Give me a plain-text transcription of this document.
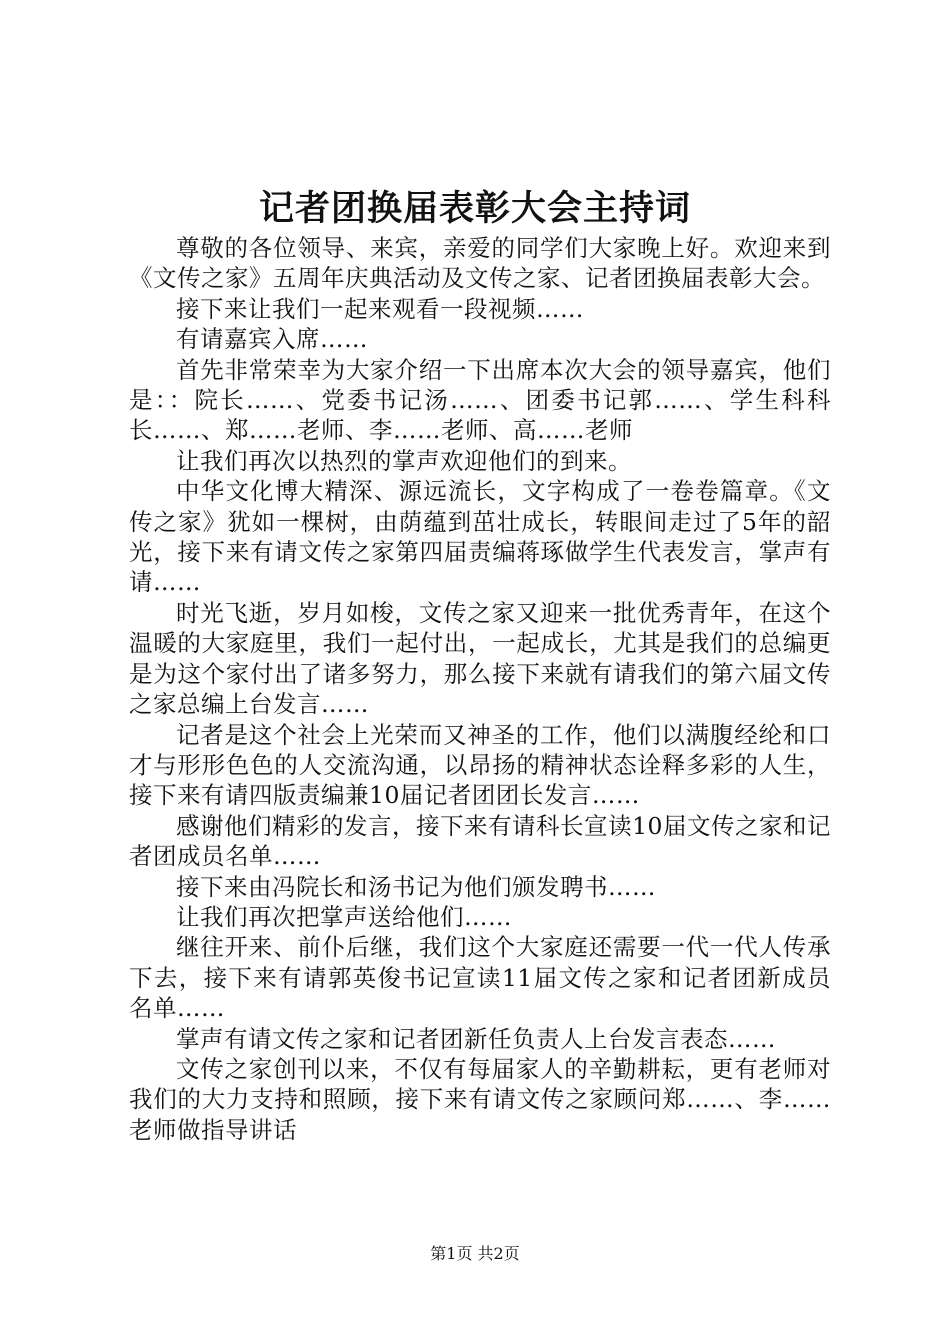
记者团换届表彰大会主持词

尊敬的各位领导、来宾，亲爱的同学们大家晚上好。欢迎来到《文传之家》五周年庆典活动及文传之家、记者团换届表彰大会。

接下来让我们一起来观看一段视频……

有请嘉宾入席……

首先非常荣幸为大家介绍一下出席本次大会的领导嘉宾，他们是：：院长……、党委书记汤……、团委书记郭……、学生科科长……、郑……老师、李……老师、高……老师

让我们再次以热烈的掌声欢迎他们的到来。

中华文化博大精深、源远流长，文字构成了一卷卷篇章。《文传之家》犹如一棵树，由荫蕴到茁壮成长，转眼间走过了5年的韶光，接下来有请文传之家第四届责编蒋琢做学生代表发言，掌声有请……

时光飞逝，岁月如梭，文传之家又迎来一批优秀青年，在这个温暖的大家庭里，我们一起付出，一起成长，尤其是我们的总编更是为这个家付出了诸多努力，那么接下来就有请我们的第六届文传之家总编上台发言……

记者是这个社会上光荣而又神圣的工作，他们以满腹经纶和口才与形形色色的人交流沟通，以昂扬的精神状态诠释多彩的人生，接下来有请四版责编兼10届记者团团长发言……

感谢他们精彩的发言，接下来有请科长宣读10届文传之家和记者团成员名单……

接下来由冯院长和汤书记为他们颁发聘书……

让我们再次把掌声送给他们……

继往开来、前仆后继，我们这个大家庭还需要一代一代人传承下去，接下来有请郭英俊书记宣读11届文传之家和记者团新成员名单……

掌声有请文传之家和记者团新任负责人上台发言表态……

文传之家创刊以来，不仅有每届家人的辛勤耕耘，更有老师对我们的大力支持和照顾，接下来有请文传之家顾问郑……、李……老师做指导讲话

第1页 共2页
